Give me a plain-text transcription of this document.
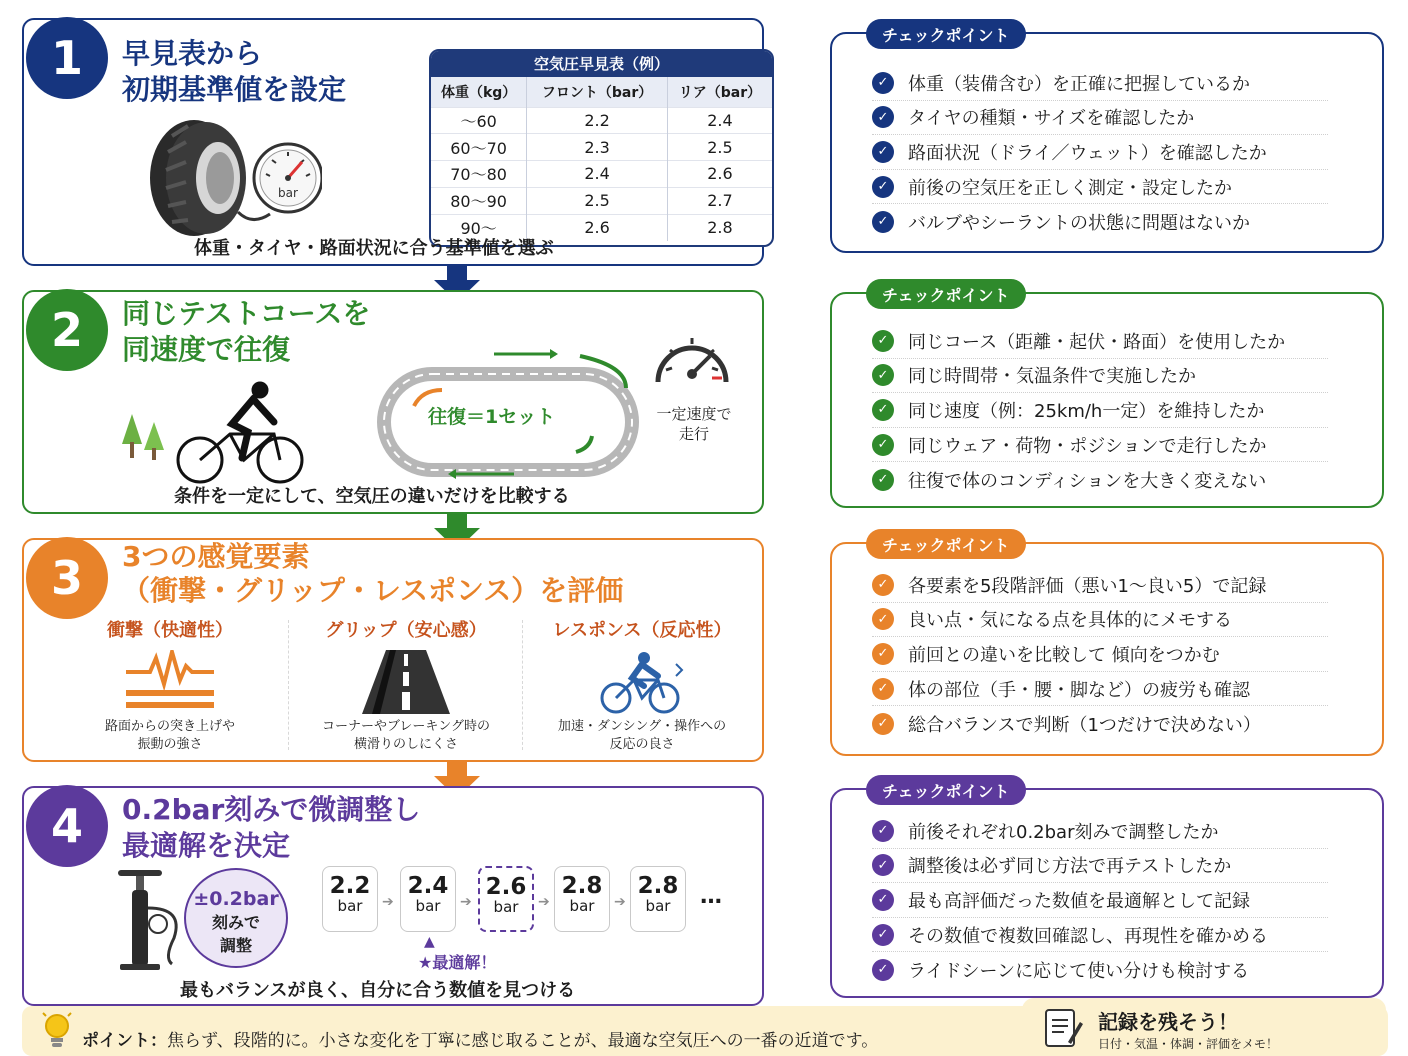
1	早見表から
初期基準値を設定
bar
空気圧早見表（例）
体重（kg）	フロント（bar）	リア（bar）
～60	2.2	2.4
60～70	2.3	2.5
70～80	2.4	2.6
80～90	2.5	2.7
90～	2.6	2.8
体重・タイヤ・路面状況に合う基準値を選ぶ
チェックポイント
✓	体重（装備含む）を正確に把握しているか
✓	タイヤの種類・サイズを確認したか
✓	路面状況（ドライ／ウェット）を確認したか
✓	前後の空気圧を正しく測定・設定したか
✓	バルブやシーラントの状態に問題はないか
2	同じテストコースを
同速度で往復
往復＝1セット	一定速度で
走行
条件を一定にして、空気圧の違いだけを比較する
チェックポイント
✓	同じコース（距離・起伏・路面）を使用したか
✓	同じ時間帯・気温条件で実施したか
✓	同じ速度（例：25km/h一定）を維持したか
✓	同じウェア・荷物・ポジションで走行したか
✓	往復で体のコンディションを大きく変えない
3	3つの感覚要素
（衝撃・グリップ・レスポンス）を評価
衝撃（快適性）
路面からの突き上げや
振動の強さ
グリップ（安心感）
コーナーやブレーキング時の
横滑りのしにくさ
レスポンス（反応性）
加速・ダンシング・操作への
反応の良さ
チェックポイント
✓	各要素を5段階評価（悪い1～良い5）で記録
✓	良い点・気になる点を具体的にメモする
✓	前回との違いを比較して 傾向をつかむ
✓	体の部位（手・腰・脚など）の疲労も確認
✓	総合バランスで判断（1つだけで決めない）
4	0.2bar刻みで微調整し
最適解を決定
±0.2bar
刻みで
調整
2.2
bar	➔
2.4
bar	➔
2.6
bar	➔
2.8
bar	➔
2.8
bar	…
▲
★最適解！
最もバランスが良く、自分に合う数値を見つける
チェックポイント
✓	前後それぞれ0.2bar刻みで調整したか
✓	調整後は必ず同じ方法で再テストしたか
✓	最も高評価だった数値を最適解として記録
✓	その数値で複数回確認し、再現性を確かめる
✓	ライドシーンに応じて使い分けも検討する
ポイント：焦らず、段階的に。小さな変化を丁寧に感じ取ることが、最適な空気圧への一番の近道です。
記録を残そう！
日付・気温・体調・評価をメモ！
